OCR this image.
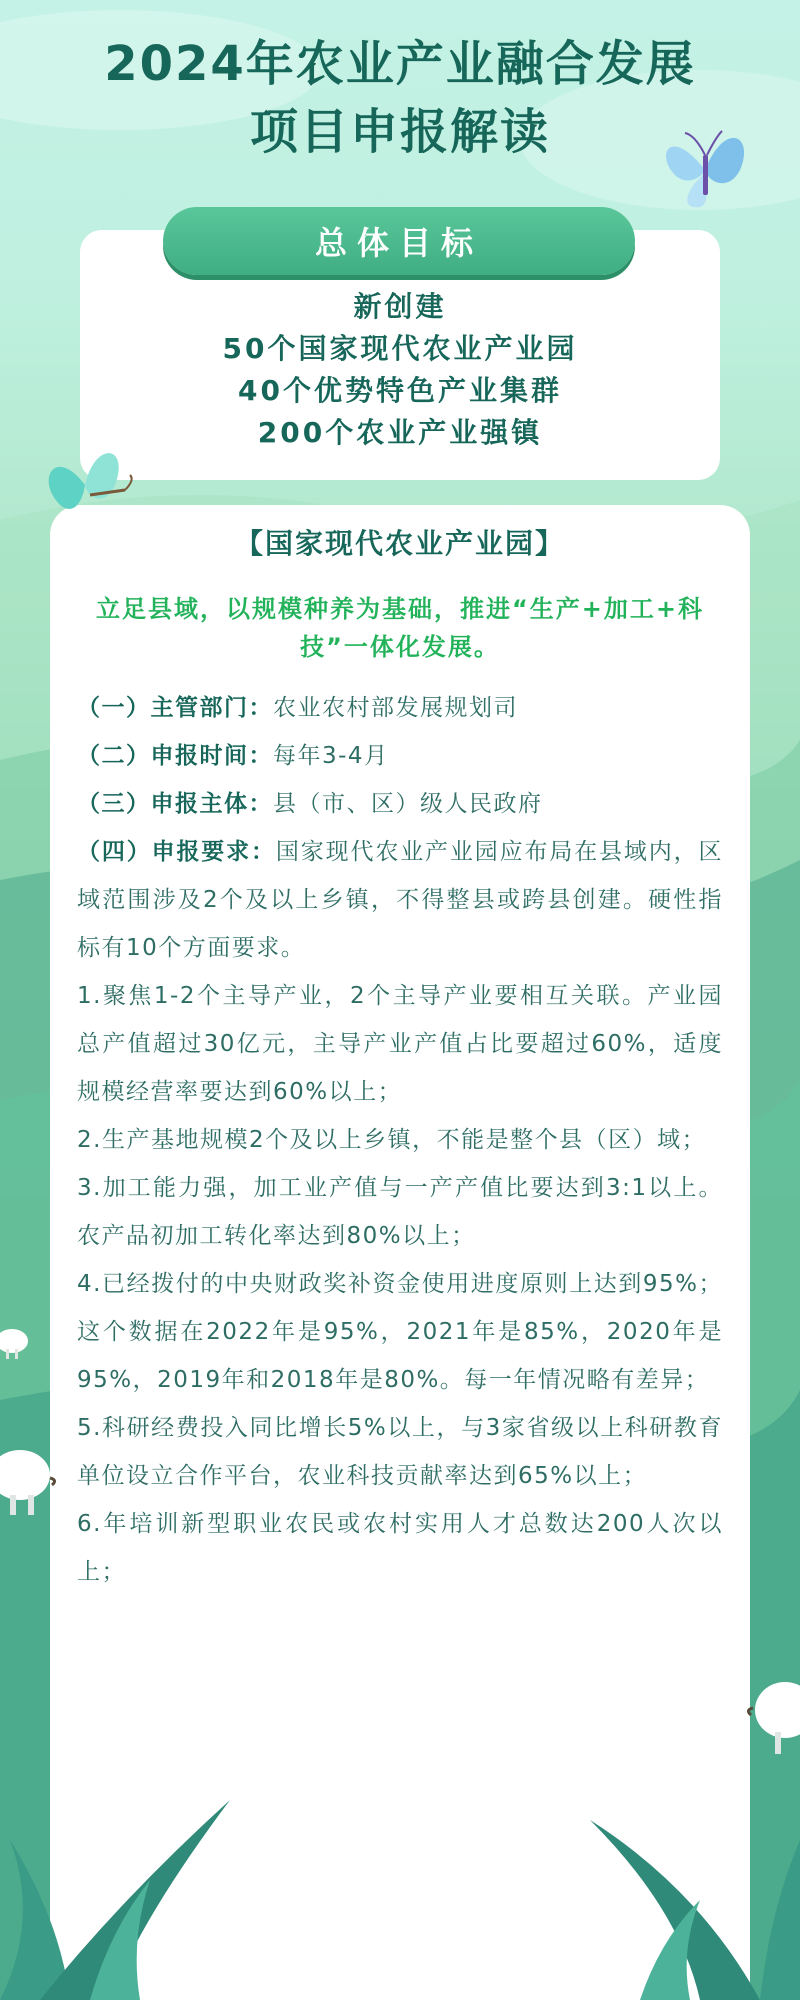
2024年农业产业融合发展
项目申报解读
总体目标
新创建
50个国家现代农业产业园
40个优势特色产业集群
200个农业产业强镇
【国家现代农业产业园】
立足县域，以规模种养为基础，推进“生产+加工+科技”一体化发展。

（一）主管部门：农业农村部发展规划司

（二）申报时间：每年3-4月

（三）申报主体：县（市、区）级人民政府

（四）申报要求：国家现代农业产业园应布局在县域内，区域范围涉及2个及以上乡镇，不得整县或跨县创建。硬性指标有10个方面要求。

1.聚焦1-2个主导产业，2个主导产业要相互关联。产业园总产值超过30亿元，主导产业产值占比要超过60%，适度规模经营率要达到60%以上；

2.生产基地规模2个及以上乡镇，不能是整个县（区）域；

3.加工能力强，加工业产值与一产产值比要达到3:1以上。农产品初加工转化率达到80%以上；

4.已经拨付的中央财政奖补资金使用进度原则上达到95%；这个数据在2022年是95%，2021年是85%，2020年是95%，2019年和2018年是80%。每一年情况略有差异；

5.科研经费投入同比增长5%以上，与3家省级以上科研教育单位设立合作平台，农业科技贡献率达到65%以上；

6.年培训新型职业农民或农村实用人才总数达200人次以上；
